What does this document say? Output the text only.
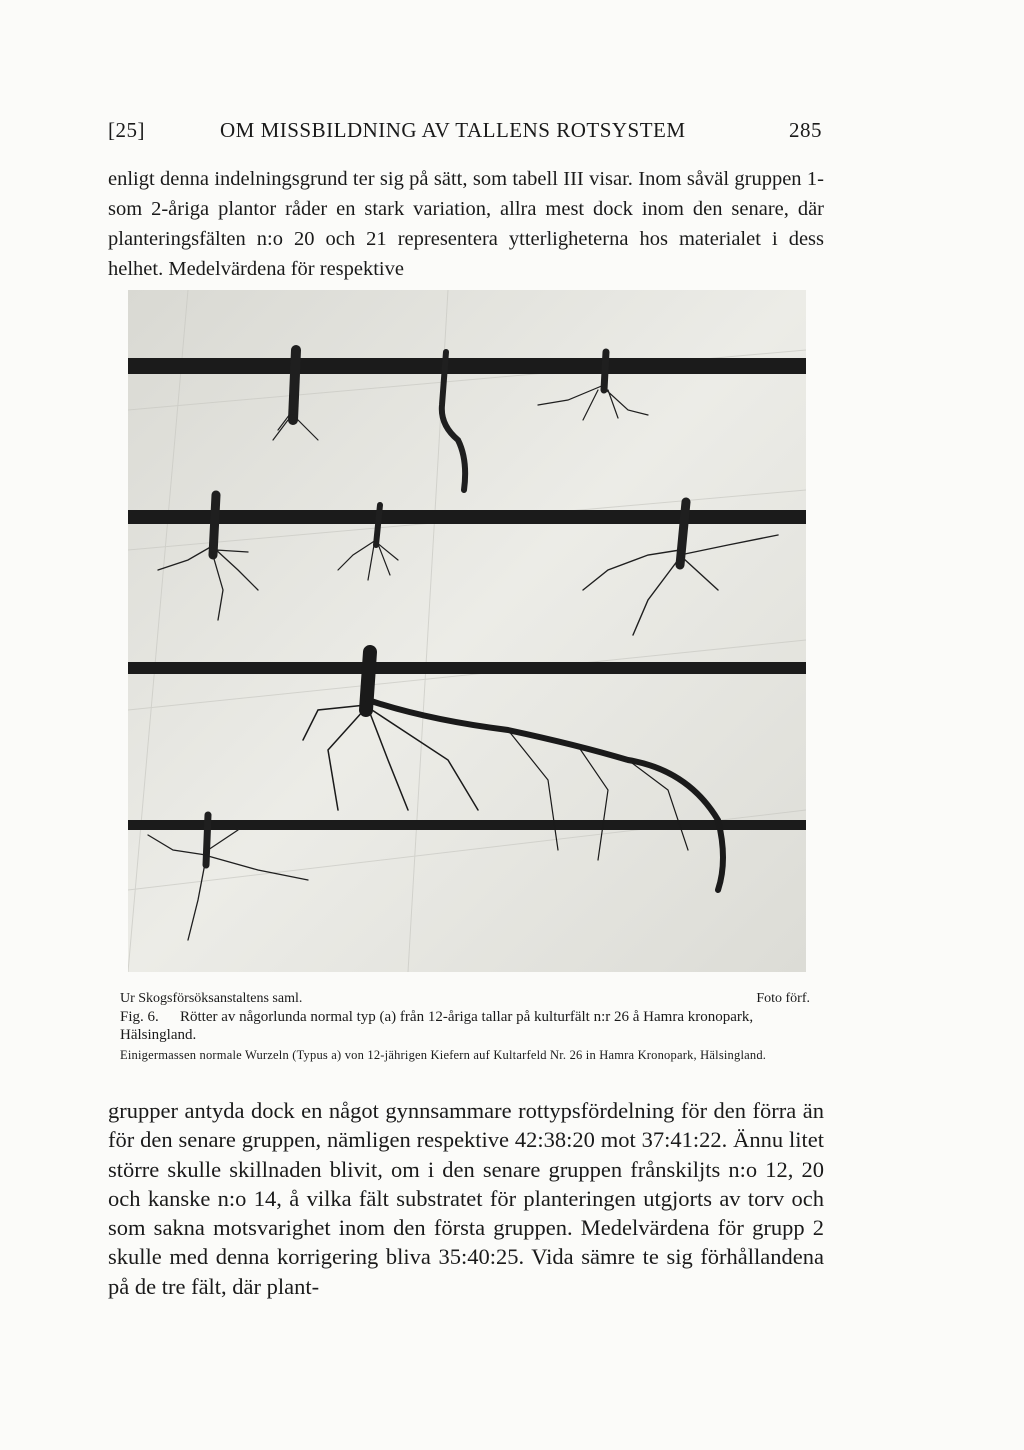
[25]	OM MISSBILDNING AV TALLENS ROTSYSTEM	285

enligt denna indelningsgrund ter sig på sätt, som tabell III visar. Inom såväl gruppen 1- som 2-åriga plantor råder en stark variation, allra mest dock inom den senare, där planteringsfälten n:o 20 och 21 representera ytterligheterna hos materialet i dess helhet. Medelvärdena för respektive

Ur Skogsförsöksanstaltens saml.	Foto förf.
Fig. 6. Rötter av någorlunda normal typ (a) från 12-åriga tallar på kulturfält n:r 26 å Hamra kronopark, Hälsingland.
Einigermassen normale Wurzeln (Typus a) von 12-jährigen Kiefern auf Kultarfeld Nr. 26 in Hamra Kronopark, Hälsingland.

grupper antyda dock en något gynnsammare rottypsfördelning för den förra än för den senare gruppen, nämligen respektive 42:38:20 mot 37:41:22. Ännu litet större skulle skillnaden blivit, om i den senare gruppen frånskiljts n:o 12, 20 och kanske n:o 14, å vilka fält substratet för planteringen utgjorts av torv och som sakna motsvarighet inom den första gruppen. Medelvärdena för grupp 2 skulle med denna korrigering bliva 35:40:25. Vida sämre te sig förhållandena på de tre fält, där plant-
